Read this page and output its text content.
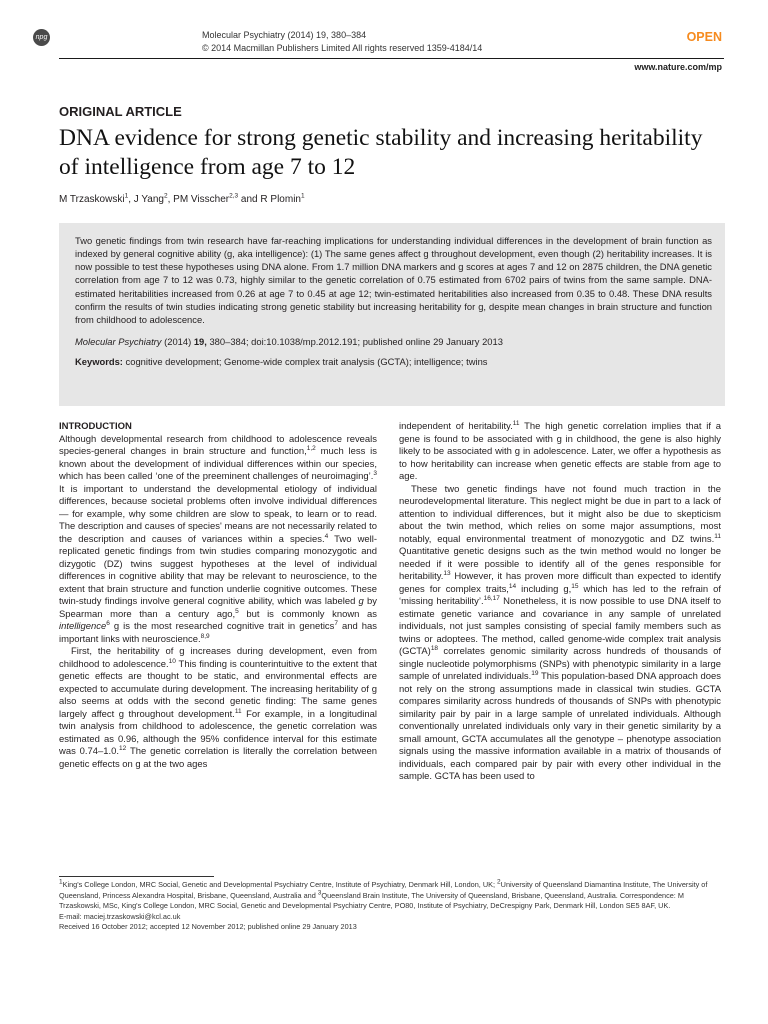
npg	Molecular Psychiatry (2014) 19, 380–384
© 2014 Macmillan Publishers Limited All rights reserved 1359-4184/14
OPEN
www.nature.com/mp
ORIGINAL ARTICLE
DNA evidence for strong genetic stability and increasing heritability of intelligence from age 7 to 12
M Trzaskowski$^1$, J Yang$^2$, PM Visscher$^{2,3}$ and R Plomin$^1$

Two genetic findings from twin research have far-reaching implications for understanding individual differences in the development of brain function as indexed by general cognitive ability (g, aka intelligence): (1) The same genes affect g throughout development, even though (2) heritability increases. It is now possible to test these hypotheses using DNA alone. From 1.7 million DNA markers and g scores at ages 7 and 12 on 2875 children, the DNA genetic correlation from age 7 to 12 was 0.73, highly similar to the genetic correlation of 0.75 estimated from 6702 pairs of twins from the same sample. DNA-estimated heritabilities increased from 0.26 at age 7 to 0.45 at age 12; twin-estimated heritabilities also increased from 0.35 to 0.48. These DNA results confirm the results of twin studies indicating strong genetic stability but increasing heritability for g, despite mean changes in brain structure and function from childhood to adolescence.

Molecular Psychiatry (2014) 19, 380–384; doi:10.1038/mp.2012.191; published online 29 January 2013

Keywords: cognitive development; Genome-wide complex trait analysis (GCTA); intelligence; twins

INTRODUCTION

Although developmental research from childhood to adolescence reveals species-general changes in brain structure and function,$^{1,2}$ much less is known about the development of individual differences within our species, which has been called ‘one of the preeminent challenges of neuroimaging’.$^3$ It is important to understand the developmental etiology of individual differences, because societal problems often involve individual differences— for example, why some children are slow to speak, to learn or to read. The description and causes of species' means are not necessarily related to the description and causes of variances within a species.$^4$ Two well-replicated genetic findings from twin studies comparing monozygotic and dizygotic (DZ) twins suggest hypotheses at the level of individual differences in cognitive ability that may be relevant to neuroscience, to the extent that brain structure and function underlie cognitive outcomes. These twin-study findings involve general cognitive ability, which was labeled g by Spearman more than a century ago,$^5$ but is commonly known as intelligence$^6$ g is the most researched cognitive trait in genetics$^7$ and has important links with neuroscience.$^{8,9}$

First, the heritability of g increases during development, even from childhood to adolescence.$^{10}$ This finding is counterintuitive to the extent that genetic effects are thought to be static, and environmental effects are expected to accumulate during development. The increasing heritability of g also seems at odds with the second genetic finding: The same genes largely affect g throughout development.$^{11}$ For example, in a longitudinal twin analysis from childhood to adolescence, the genetic correlation was estimated as 0.96, although the 95% confidence interval for this estimate was 0.74–1.0.12 The genetic correlation is literally the correlation between genetic effects on g at the two ages

independent of heritability.$^{11}$ The high genetic correlation implies that if a gene is found to be associated with g in childhood, the gene is also highly likely to be associated with g in adolescence. Later, we offer a hypothesis as to how heritability can increase when genetic effects are stable from age to age.

These two genetic findings have not found much traction in the neurodevelopmental literature. This neglect might be due in part to a lack of attention to individual differences, but it might also be due to skepticism about the twin method, which relies on some major assumptions, most notably, equal environmental treatment of monozygotic and DZ twins.$^{11}$ Quantitative genetic designs such as the twin method would no longer be needed if it were possible to identify all of the genes responsible for heritability.$^{13}$ However, it has proven more difficult than expected to identify genes for complex traits,$^{14}$ including g,$^{15}$ which has led to the refrain of ‘missing heritability’.$^{16,17}$ Nonetheless, it is now possible to use DNA itself to estimate genetic variance and covariance in any sample of unrelated individuals, not just samples consisting of special family members such as twins or adoptees. The method, called genome-wide complex trait analysis (GCTA)$^{18}$ correlates genomic similarity across hundreds of thousands of single nucleotide polymorphisms (SNPs) with phenotypic similarity in a large sample of unrelated individuals.$^{19}$ This population-based DNA approach does not rely on the strong assumptions made in classical twin studies. GCTA compares similarity across hundreds of thousands of SNPs with phenotypic similarity pair by pair in a large sample of unrelated individuals. Although conventionally unrelated individuals only vary in their genetic similarity by a small amount, GCTA accumulates all the genotype – phenotype association signals using the massive information available in a matrix of thousands of individuals, each compared pair by pair with every other individual in the sample. GCTA has been used to

$^1$King's College London, MRC Social, Genetic and Developmental Psychiatry Centre, Institute of Psychiatry, Denmark Hill, London, UK; $^2$University of Queensland Diamantina Institute, The University of Queensland, Princess Alexandra Hospital, Brisbane, Queensland, Australia and $^3$Queensland Brain Institute, The University of Queensland, Brisbane, Queensland, Australia. Correspondence: M Trzaskowski, MSc, King's College London, MRC Social, Genetic and Developmental Psychiatry Centre, PO80, Institute of Psychiatry, DeCrespigny Park, Denmark Hill, London SE5 8AF, UK.

E-mail: maciej.trzaskowski@kcl.ac.uk

Received 16 October 2012; accepted 12 November 2012; published online 29 January 2013
